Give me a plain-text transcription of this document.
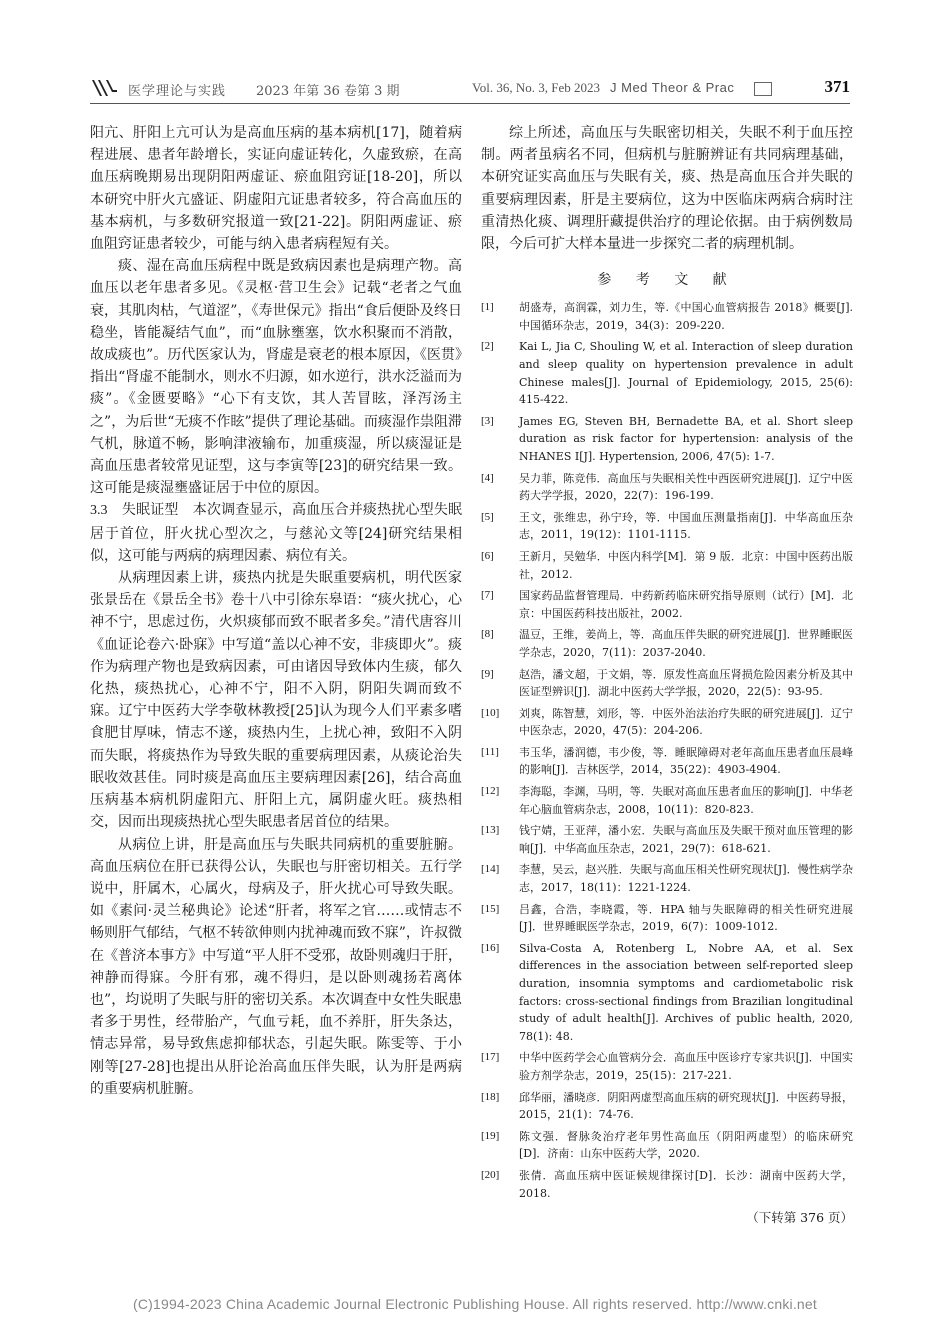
医学理论与实践 2023 年第 36 卷第 3 期	Vol. 36, No. 3, Feb 2023 J Med Theor & Prac	371

阳亢、肝阳上亢可认为是高血压病的基本病机[17]，随着病程进展、患者年龄增长，实证向虚证转化，久虚致瘀，在高血压病晚期易出现阴阳两虚证、瘀血阻窍证[18-20]，所以本研究中肝火亢盛证、阴虚阳亢证患者较多，符合高血压的基本病机，与多数研究报道一致[21-22]。阴阳两虚证、瘀血阻窍证患者较少，可能与纳入患者病程短有关。

痰、湿在高血压病程中既是致病因素也是病理产物。高血压以老年患者多见。《灵枢·营卫生会》记载“老者之气血衰，其肌肉枯，气道涩”，《寿世保元》指出“食后便卧及终日稳坐，皆能凝结气血”，而“血脉壅塞，饮水积聚而不消散，故成痰也”。历代医家认为，肾虚是衰老的根本原因，《医贯》指出“肾虚不能制水，则水不归源，如水逆行，洪水泛溢而为痰”。《金匮要略》“心下有支饮，其人苦冒眩，泽泻汤主之”，为后世“无痰不作眩”提供了理论基础。而痰湿作祟阻滞气机，脉道不畅，影响津液输布，加重痰湿，所以痰湿证是高血压患者较常见证型，这与李寅等[23]的研究结果一致。这可能是痰湿壅盛证居于中位的原因。

3.3　 失眠证型　本次调查显示，高血压合并痰热扰心型失眠居于首位，肝火扰心型次之，与慈沁文等[24]研究结果相似，这可能与两病的病理因素、病位有关。

从病理因素上讲，痰热内扰是失眠重要病机，明代医家张景岳在《景岳全书》卷十八中引徐东皋语：“痰火扰心，心神不宁，思虑过伤，火炽痰郁而致不眠者多矣。”清代唐容川《血证论卷六·卧寐》中写道“盖以心神不安，非痰即火”。痰作为病理产物也是致病因素，可由诸因导致体内生痰，郁久化热，痰热扰心，心神不宁，阳不入阴，阴阳失调而致不寐。辽宁中医药大学李敬林教授[25]认为现今人们平素多嗜食肥甘厚味，情志不遂，痰热内生，上扰心神，致阳不入阴而失眠，将痰热作为导致失眠的重要病理因素，从痰论治失眠收效甚佳。同时痰是高血压主要病理因素[26]，结合高血压病基本病机阴虚阳亢、肝阳上亢，属阴虚火旺。痰热相交，因而出现痰热扰心型失眠患者居首位的结果。

从病位上讲，肝是高血压与失眠共同病机的重要脏腑。高血压病位在肝已获得公认，失眠也与肝密切相关。五行学说中，肝属木，心属火，母病及子，肝火扰心可导致失眠。如《素问·灵兰秘典论》论述“肝者，将军之官……或情志不畅则肝气郁结，气枢不转欲伸则内扰神魂而致不寐”，许叔微在《普济本事方》中写道“平人肝不受邪，故卧则魂归于肝，神静而得寐。今肝有邪，魂不得归，是以卧则魂扬若离体也”，均说明了失眠与肝的密切关系。本次调查中女性失眠患者多于男性，经带胎产，气血亏耗，血不养肝，肝失条达，情志异常，易导致焦虑抑郁状态，引起失眠。陈雯等、于小刚等[27-28]也提出从肝论治高血压伴失眠，认为肝是两病的重要病机脏腑。

综上所述，高血压与失眠密切相关，失眠不利于血压控制。两者虽病名不同，但病机与脏腑辨证有共同病理基础，本研究证实高血压与失眠有关，痰、热是高血压合并失眠的重要病理因素，肝是主要病位，这为中医临床两病合病时注重清热化痰、调理肝藏提供治疗的理论依据。由于病例数局限，今后可扩大样本量进一步探究二者的病理机制。

参 考 文 献
[1] 胡盛寿，高润霖，刘力生，等.《中国心血管病报告 2018》概要[J]. 中国循环杂志，2019，34(3)：209-220.
[2] Kai L, Jia C, Shouling W, et al. Interaction of sleep duration and sleep quality on hypertension prevalence in adult Chinese males[J]. Journal of Epidemiology, 2015, 25(6): 415-422.
[3] James EG, Steven BH, Bernadette BA, et al. Short sleep duration as risk factor for hypertension: analysis of the NHANES Ⅰ[J]. Hypertension, 2006, 47(5): 1-7.
[4] 吴力菲，陈竞伟．高血压与失眠相关性中西医研究进展[J]．辽宁中医药大学学报，2020，22(7)：196-199.
[5] 王文，张维忠，孙宁玲，等．中国血压测量指南[J]．中华高血压杂志，2011，19(12)：1101-1115.
[6] 王新月，吴勉华．中医内科学[M]．第 9 版．北京：中国中医药出版社，2012.
[7] 国家药品监督管理局．中药新药临床研究指导原则（试行）[M]．北京：中国医药科技出版社，2002.
[8] 温豆，王维，姜尚上，等．高血压伴失眠的研究进展[J]．世界睡眠医学杂志，2020，7(11)：2037-2040.
[9] 赵浩，潘文超，于文娟，等．原发性高血压肾损危险因素分析及其中医证型辨识[J]．湖北中医药大学学报，2020，22(5)：93-95.
[10] 刘爽，陈智慧，刘形，等．中医外治法治疗失眠的研究进展[J]．辽宁中医杂志，2020，47(5)：204-206.
[11] 韦玉华，潘润德，韦少俊，等．睡眠障碍对老年高血压患者血压晨峰的影响[J]．吉林医学，2014，35(22)：4903-4904.
[12] 李海聪，李渊，马明，等．失眠对高血压患者血压的影响[J]．中华老年心脑血管病杂志，2008，10(11)：820-823.
[13] 钱宁婧，王亚萍，潘小宏．失眠与高血压及失眠干预对血压管理的影响[J]．中华高血压杂志，2021，29(7)：618-621.
[14] 李慧，吴云，赵兴胜．失眠与高血压相关性研究现状[J]．慢性病学杂志，2017，18(11)：1221-1224.
[15] 吕鑫，合浩，李晓霞，等．HPA 轴与失眠障碍的相关性研究进展[J]．世界睡眠医学杂志，2019，6(7)：1009-1012.
[16] Silva-Costa A, Rotenberg L, Nobre AA, et al. Sex differences in the association between self-reported sleep duration, insomnia symptoms and cardiometabolic risk factors: cross-sectional findings from Brazilian longitudinal study of adult health[J]. Archives of public health, 2020, 78(1): 48.
[17] 中华中医药学会心血管病分会．高血压中医诊疗专家共识[J]．中国实验方剂学杂志，2019，25(15)：217-221.
[18] 邱华丽，潘晓彦．阴阳两虚型高血压病的研究现状[J]．中医药导报，2015，21(1)：74-76.
[19] 陈文强．督脉灸治疗老年男性高血压（阴阳两虚型）的临床研究[D]．济南：山东中医药大学，2020.
[20] 张倩．高血压病中医证候规律探讨[D]．长沙：湖南中医药大学，2018.
（下转第 376 页）
(C)1994-2023 China Academic Journal Electronic Publishing House. All rights reserved. http://www.cnki.net
